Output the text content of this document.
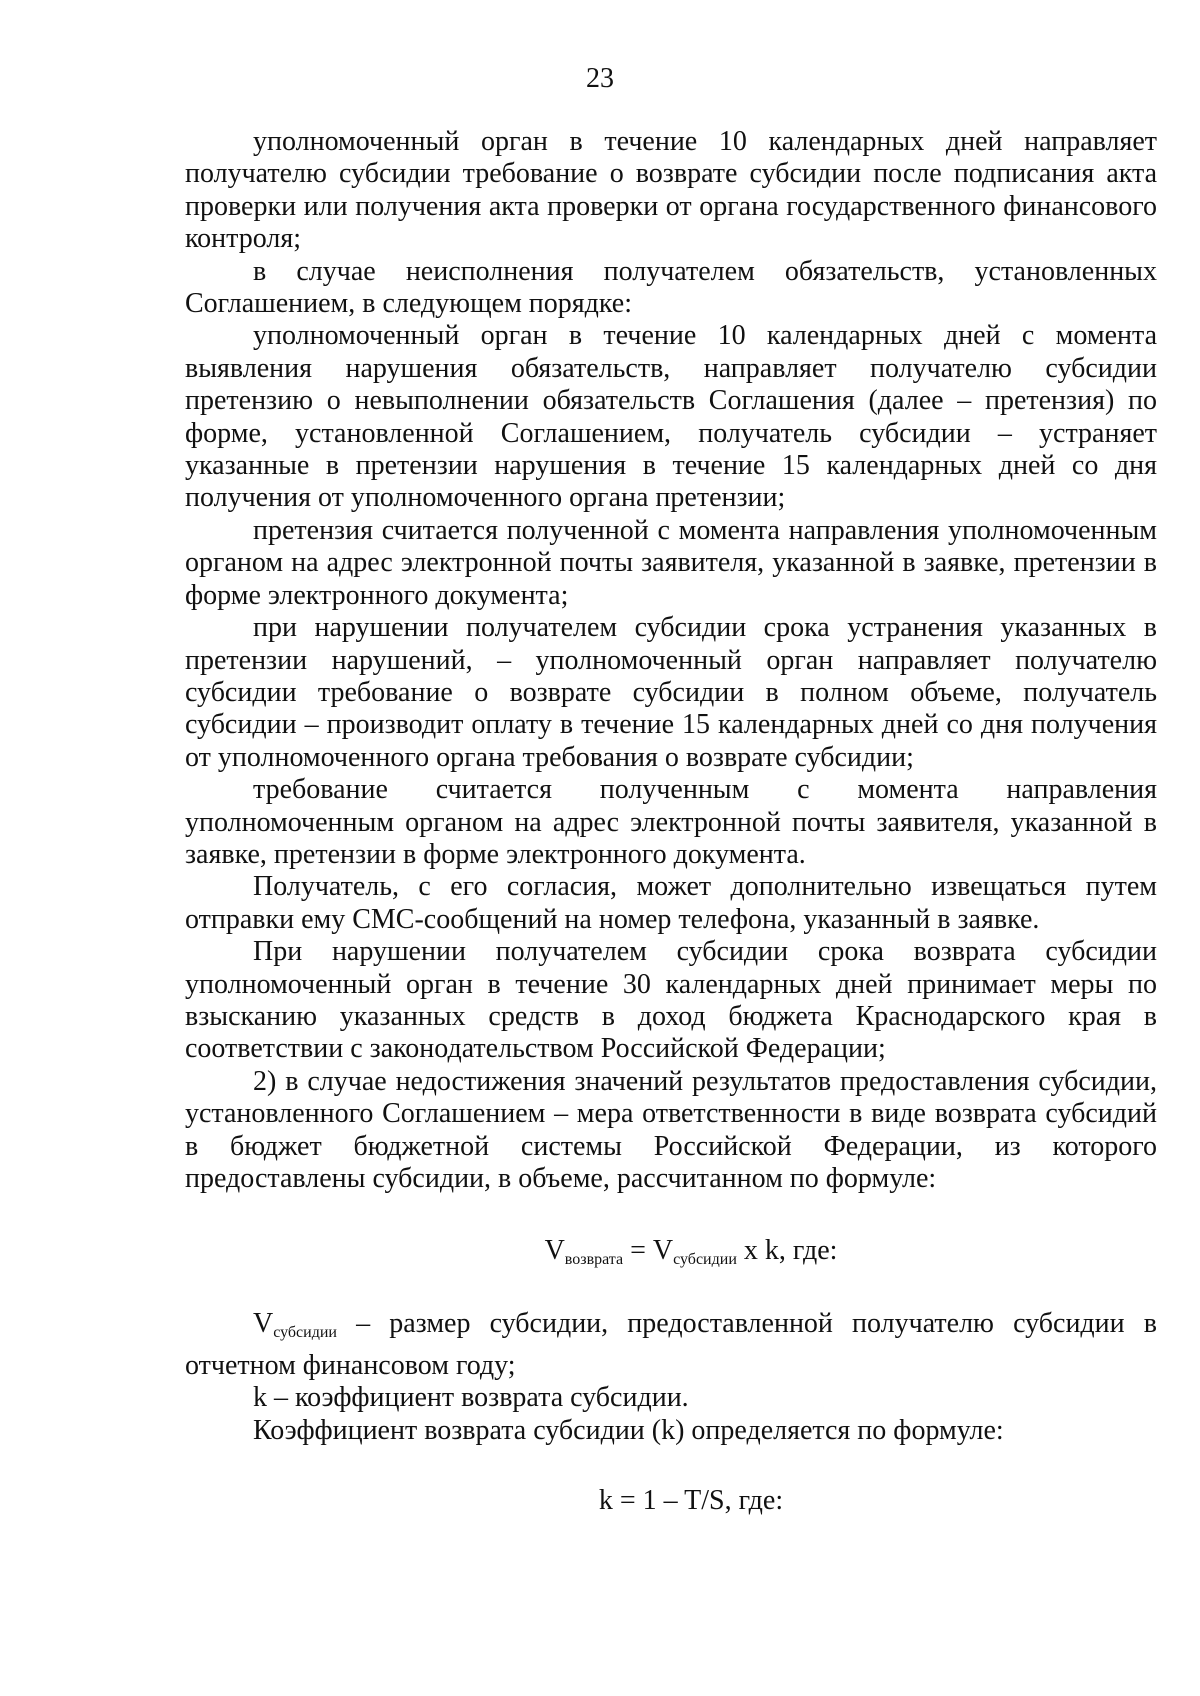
23

уполномоченный орган в течение 10 календарных дней направляет получателю субсидии требование о возврате субсидии после подписания акта проверки или получения акта проверки от органа государственного финансового контроля;

в случае неисполнения получателем обязательств, установленных Соглашением, в следующем порядке:

уполномоченный орган в течение 10 календарных дней с момента выявления нарушения обязательств, направляет получателю субсидии претензию о невыполнении обязательств Соглашения (далее – претензия) по форме, установленной Соглашением, получатель субсидии – устраняет указанные в претензии нарушения в течение 15 календарных дней со дня получения от уполномоченного органа претензии;

претензия считается полученной с момента направления уполномоченным органом на адрес электронной почты заявителя, указанной в заявке, претензии в форме электронного документа;

при нарушении получателем субсидии срока устранения указанных в претензии нарушений, – уполномоченный орган направляет получателю субсидии требование о возврате субсидии в полном объеме, получатель субсидии – производит оплату в течение 15 календарных дней со дня получения от уполномоченного органа требования о возврате субсидии;

требование считается полученным с момента направления уполномоченным органом на адрес электронной почты заявителя, указанной в заявке, претензии в форме электронного документа.

Получатель, с его согласия, может дополнительно извещаться путем отправки ему СМС-сообщений на номер телефона, указанный в заявке.

При нарушении получателем субсидии срока возврата субсидии уполномоченный орган в течение 30 календарных дней принимает меры по взысканию указанных средств в доход бюджета Краснодарского края в соответствии с законодательством Российской Федерации;

2) в случае недостижения значений результатов предоставления субсидии, установленного Соглашением – мера ответственности в виде возврата субсидий в бюджет бюджетной системы Российской Федерации, из которого предоставлены субсидии, в объеме, рассчитанном по формуле:

$V_{возврата} = V_{субсидии}$ x k, где:

$V_{субсидии}$ – размер субсидии, предоставленной получателю субсидии в отчетном финансовом году;

k – коэффициент возврата субсидии.

Коэффициент возврата субсидии (k) определяется по формуле:

k = 1 – T/S, где:
